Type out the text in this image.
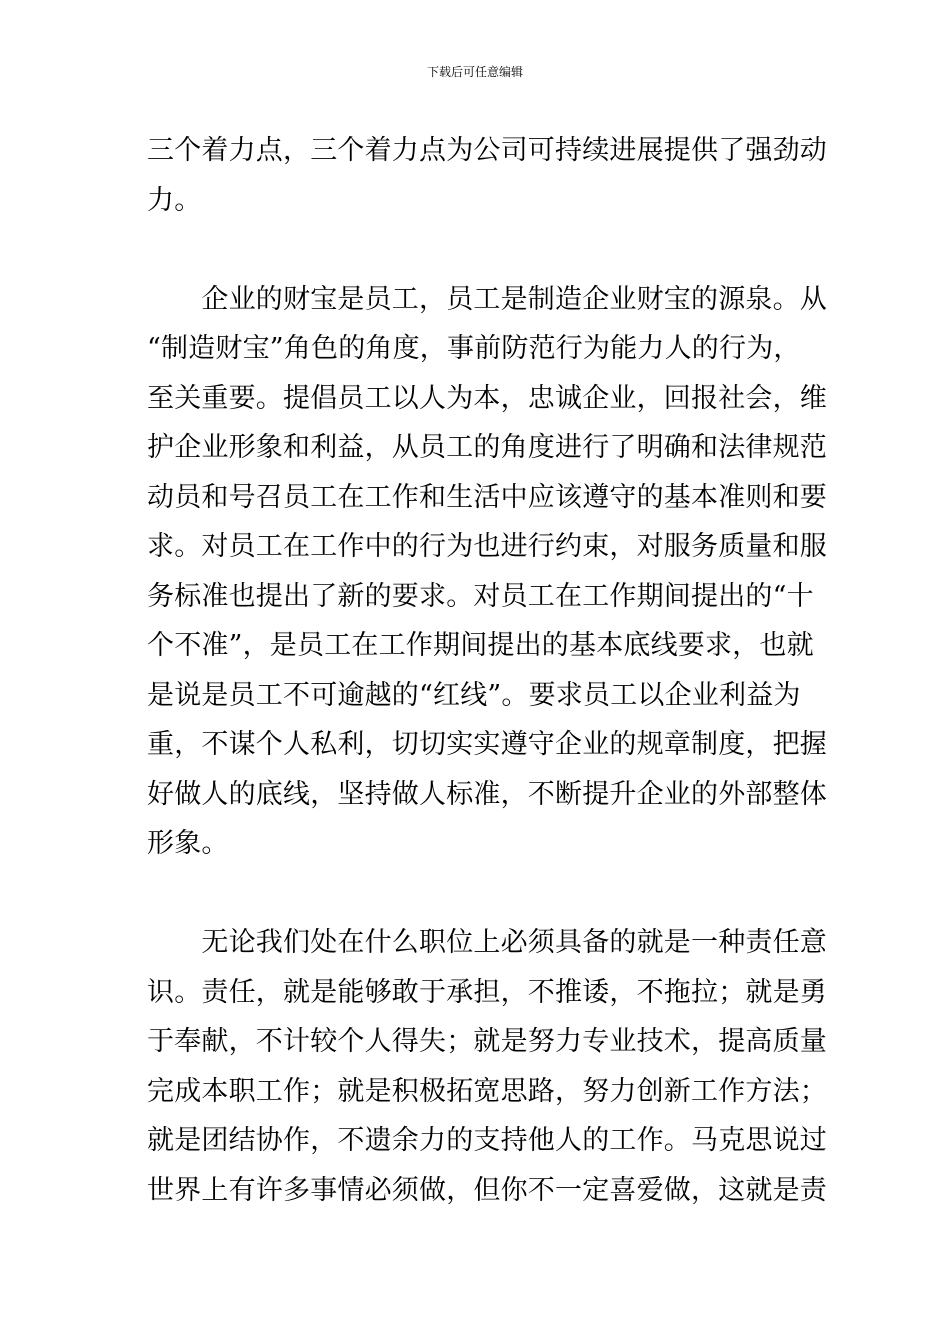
下载后可任意编辑
三个着力点，三个着力点为公司可持续进展提供了强劲动
力。
　　企业的财宝是员工，员工是制造企业财宝的源泉。从
“制造财宝”角色的角度，事前防范行为能力人的行为，
至关重要。提倡员工以人为本，忠诚企业，回报社会，维
护企业形象和利益，从员工的角度进行了明确和法律规范
动员和号召员工在工作和生活中应该遵守的基本准则和要
求。对员工在工作中的行为也进行约束，对服务质量和服
务标准也提出了新的要求。对员工在工作期间提出的“十
个不准”，是员工在工作期间提出的基本底线要求，也就
是说是员工不可逾越的“红线”。要求员工以企业利益为
重，不谋个人私利，切切实实遵守企业的规章制度，把握
好做人的底线，坚持做人标准，不断提升企业的外部整体
形象。
　　无论我们处在什么职位上必须具备的就是一种责任意
识。责任，就是能够敢于承担，不推诿，不拖拉；就是勇
于奉献，不计较个人得失；就是努力专业技术，提高质量
完成本职工作；就是积极拓宽思路，努力创新工作方法；
就是团结协作，不遗余力的支持他人的工作。马克思说过
世界上有许多事情必须做，但你不一定喜爱做，这就是责
